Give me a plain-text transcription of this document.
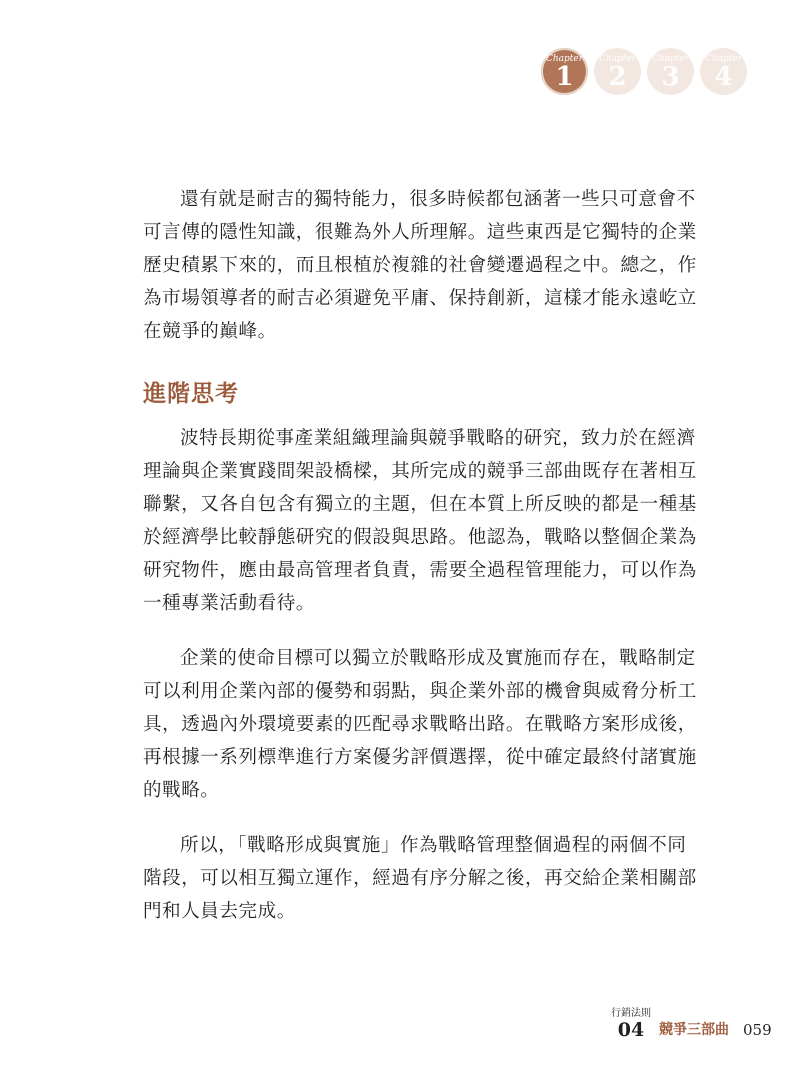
Chapter
1
Chapter
2
Chapter
3
Chapter
4

還有就是耐吉的獨特能力，很多時候都包涵著一些只可意會不
可言傳的隱性知識，很難為外人所理解。這些東西是它獨特的企業
歷史積累下來的，而且根植於複雜的社會變遷過程之中。總之，作
為市場領導者的耐吉必須避免平庸、保持創新，這樣才能永遠屹立
在競爭的巔峰。

進階思考

波特長期從事產業組織理論與競爭戰略的研究，致力於在經濟
理論與企業實踐間架設橋樑，其所完成的競爭三部曲既存在著相互
聯繫，又各自包含有獨立的主題，但在本質上所反映的都是一種基
於經濟學比較靜態研究的假設與思路。他認為，戰略以整個企業為
研究物件，應由最高管理者負責，需要全過程管理能力，可以作為
一種專業活動看待。

企業的使命目標可以獨立於戰略形成及實施而存在，戰略制定
可以利用企業內部的優勢和弱點，與企業外部的機會與威脅分析工
具，透過內外環境要素的匹配尋求戰略出路。在戰略方案形成後，
再根據一系列標準進行方案優劣評價選擇，從中確定最終付諸實施
的戰略。

所以，「戰略形成與實施」作為戰略管理整個過程的兩個不同
階段，可以相互獨立運作，經過有序分解之後，再交給企業相關部
門和人員去完成。

行銷法則
04 競爭三部曲 059
